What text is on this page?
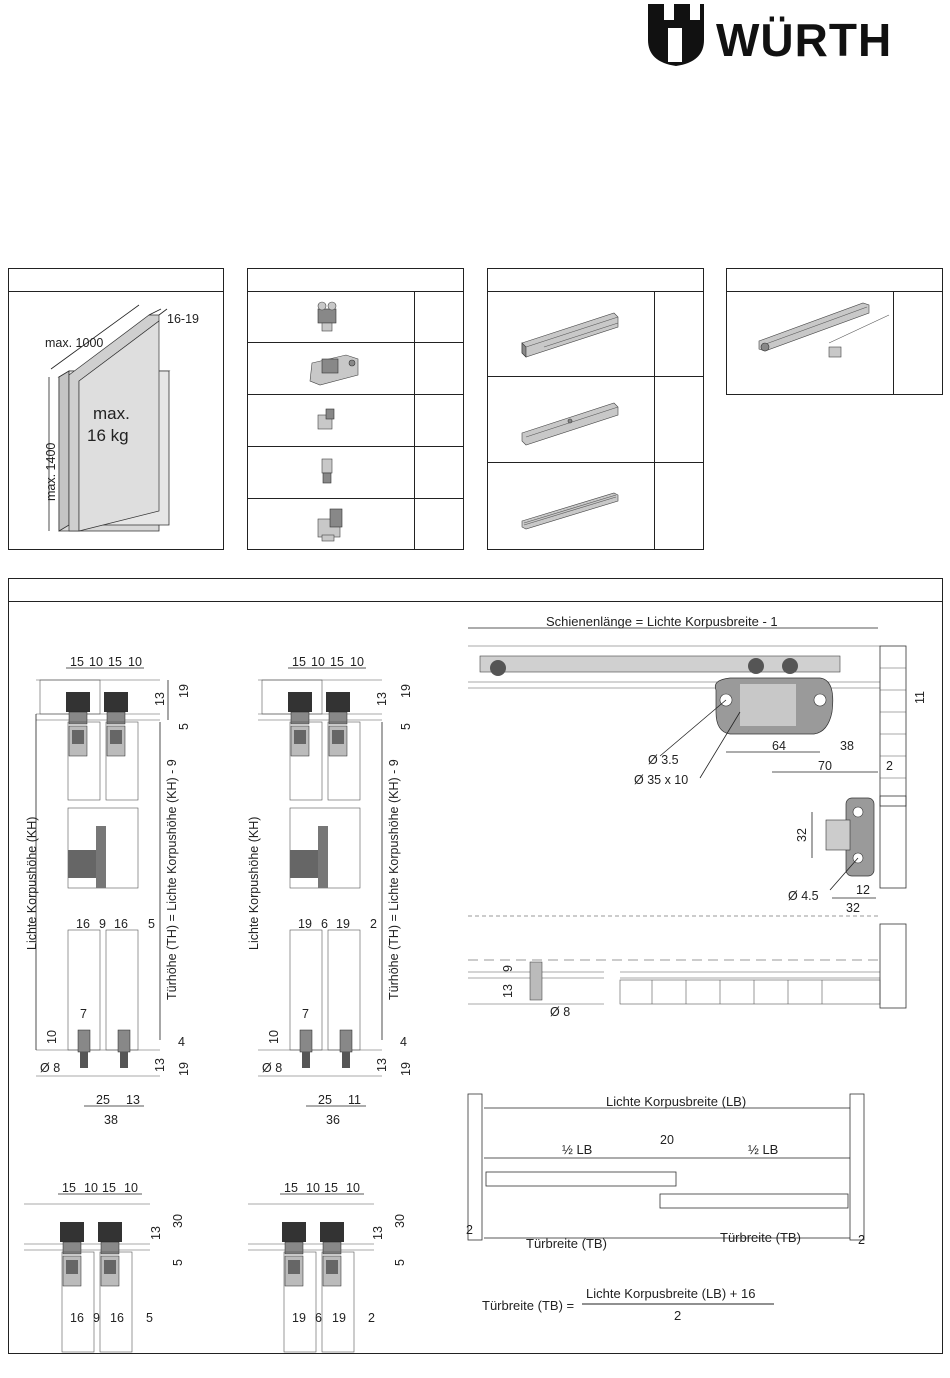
WÜRTH
max. 1000
16-19
max. 1400
max.
16 kg
15 10 15 10
19
13
5
Lichte Korpushöhe (KH)	Türhöhe (TH) = Lichte Korpushöhe (KH) - 9
16 9 16 5
7
10	4
13 19
Ø 8
25 13
38
15 10 15 10
19
13
5
Lichte Korpushöhe (KH)	Türhöhe (TH) = Lichte Korpushöhe (KH) - 9
19 6 19 2
7
10	4
13 19
Ø 8
25 11
36
15 10 15 10
30
13
5
16 9 16 5
15 10 15 10
30
13
5
19 6 19 2
Schienenlänge = Lichte Korpusbreite - 1
11
Ø 3.5
Ø 35 x 10
64	38
70	2
32
Ø 4.5	12
32
9
13
Ø 8
Lichte Korpusbreite (LB)
½ LB	½ LB
20
2
Türbreite (TB)	Türbreite (TB)	2
Türbreite (TB) =
Lichte Korpusbreite (LB) + 16
2
